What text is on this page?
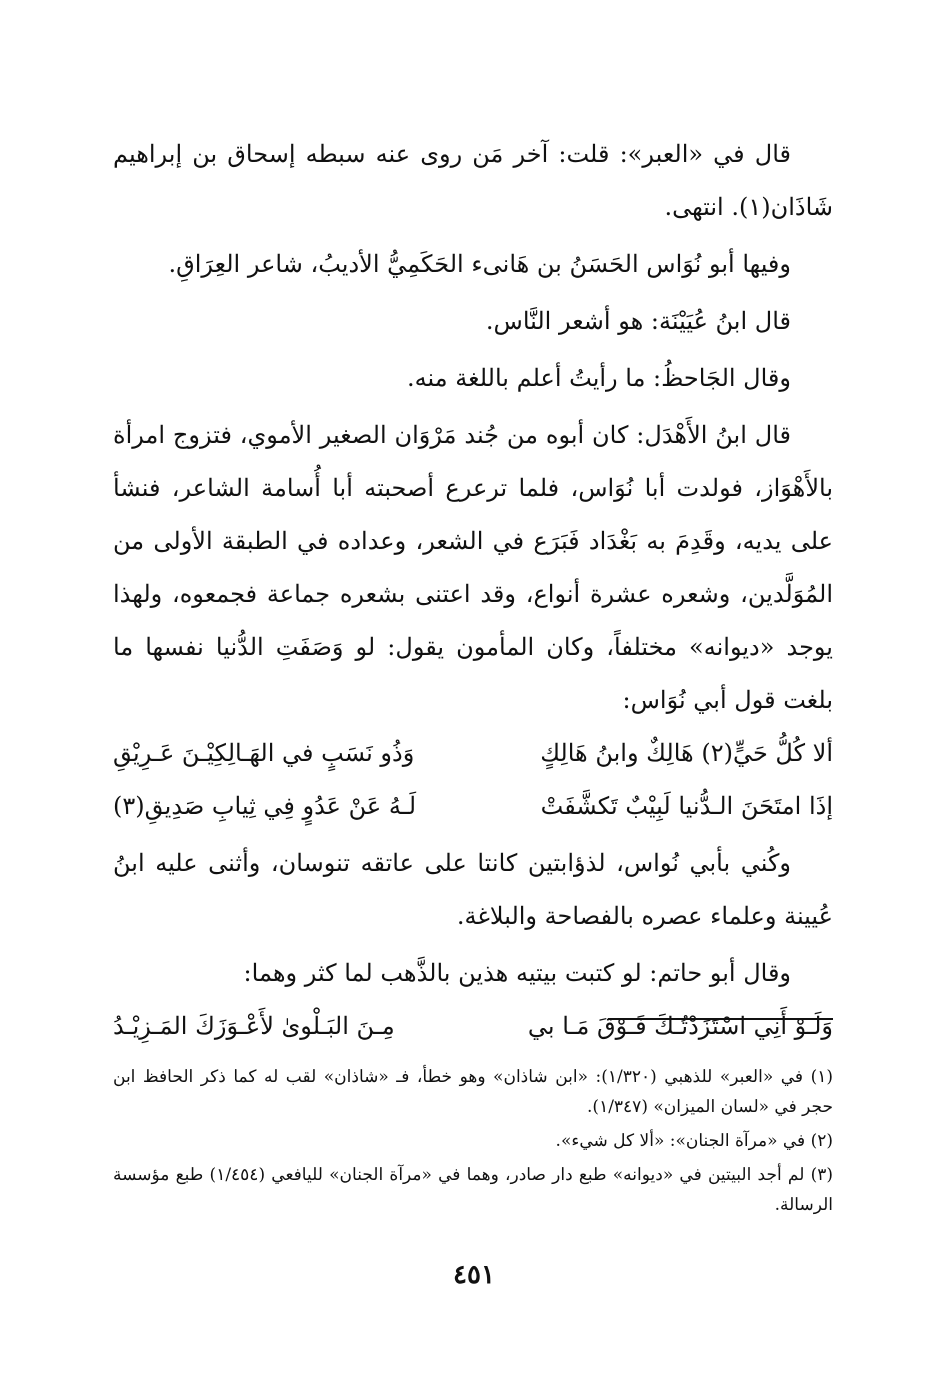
قال في «العبر»: قلت: آخر مَن روى عنه سبطه إسحاق بن إبراهيم شَاذَان(١). انتهى.

وفيها أبو نُوَاس الحَسَنُ بن هَانىء الحَكَمِيُّ الأديبُ، شاعر العِرَاقِ.

قال ابنُ عُيَيْنَة: هو أشعر النَّاس.

وقال الجَاحظُ: ما رأيتُ أعلم باللغة منه.

قال ابنُ الأَهْدَل: كان أبوه من جُند مَرْوَان الصغير الأموي، فتزوج امرأة بالأَهْوَاز، فولدت أبا نُوَاس، فلما ترعرع أصحبته أبا أُسامة الشاعر، فنشأ على يديه، وقَدِمَ به بَغْدَاد فَبَرَع في الشعر، وعداده في الطبقة الأولى من المُوَلَّدين، وشعره عشرة أنواع، وقد اعتنى بشعره جماعة فجمعوه، ولهذا يوجد «ديوانه» مختلفاً، وكان المأمون يقول: لو وَصَفَتِ الدُّنيا نفسها ما بلغت قول أبي نُوَاس:

ألا كُلُّ حَيٍّ(٢) هَالِكٌ وابنُ هَالِكٍ
وَذُو نَسَبٍ في الهَـالِكِيْـنَ عَـرِيْقِ
إذَا امتَحَنَ الـدُّنيا لَبِيْبٌ تَكشَّفَتْ
لَـهُ عَنْ عَدُوٍ فِي ثِيابِ صَدِيقِ(٣)

وكُني بأبي نُواس، لذؤابتين كانتا على عاتقه تنوسان، وأثنى عليه ابنُ عُيينة وعلماء عصره بالفصاحة والبلاغة.

وقال أبو حاتم: لو كتبت بيتيه هذين بالذَّهب لما كثر وهما:

وَلَـوْ أَنِي اسْتَزَدْتُـكَ فَـوْقَ مَـا بي
مِـنَ البَـلْوىٰ لأَعْـوَزَكَ المَـزِيْـدُ

(١) في «العبر» للذهبي (١/٣٢٠): «ابن شاذان» وهو خطأ، فـ «شاذان» لقب له كما ذكر الحافظ ابن حجر في «لسان الميزان» (١/٣٤٧).

(٢) في «مرآة الجنان»: «ألا كل شيء».

(٣) لم أجد البيتين في «ديوانه» طبع دار صادر، وهما في «مرآة الجنان» لليافعي (١/٤٥٤) طبع مؤسسة الرسالة.

٤٥١
